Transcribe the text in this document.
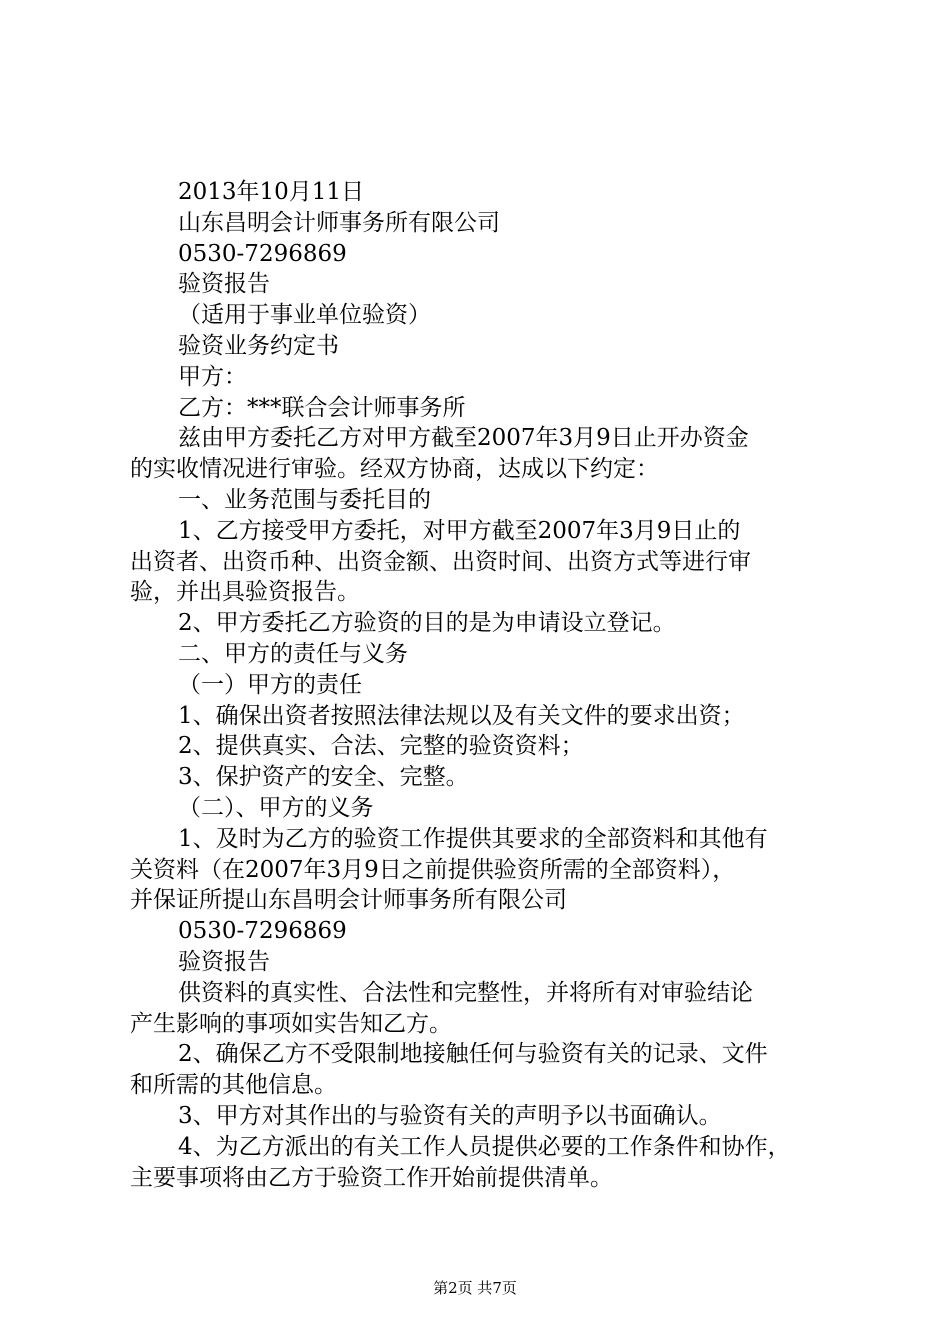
2013年10月11日
山东昌明会计师事务所有限公司
0530-7296869
验资报告
（适用于事业单位验资）
验资业务约定书
甲方：
乙方：***联合会计师事务所
兹由甲方委托乙方对甲方截至2007年3月9日止开办资金
的实收情况进行审验。经双方协商，达成以下约定：
一、业务范围与委托目的
1、乙方接受甲方委托，对甲方截至2007年3月9日止的
出资者、出资币种、出资金额、出资时间、出资方式等进行审
验，并出具验资报告。
2、甲方委托乙方验资的目的是为申请设立登记。
二、甲方的责任与义务
（一）甲方的责任
1、确保出资者按照法律法规以及有关文件的要求出资；
2、提供真实、合法、完整的验资资料；
3、保护资产的安全、完整。
（二）、甲方的义务
1、及时为乙方的验资工作提供其要求的全部资料和其他有
关资料（在2007年3月9日之前提供验资所需的全部资料），
并保证所提山东昌明会计师事务所有限公司
0530-7296869
验资报告
供资料的真实性、合法性和完整性，并将所有对审验结论
产生影响的事项如实告知乙方。
2、确保乙方不受限制地接触任何与验资有关的记录、文件
和所需的其他信息。
3、甲方对其作出的与验资有关的声明予以书面确认。
4、为乙方派出的有关工作人员提供必要的工作条件和协作，
主要事项将由乙方于验资工作开始前提供清单。
第2页 共7页
